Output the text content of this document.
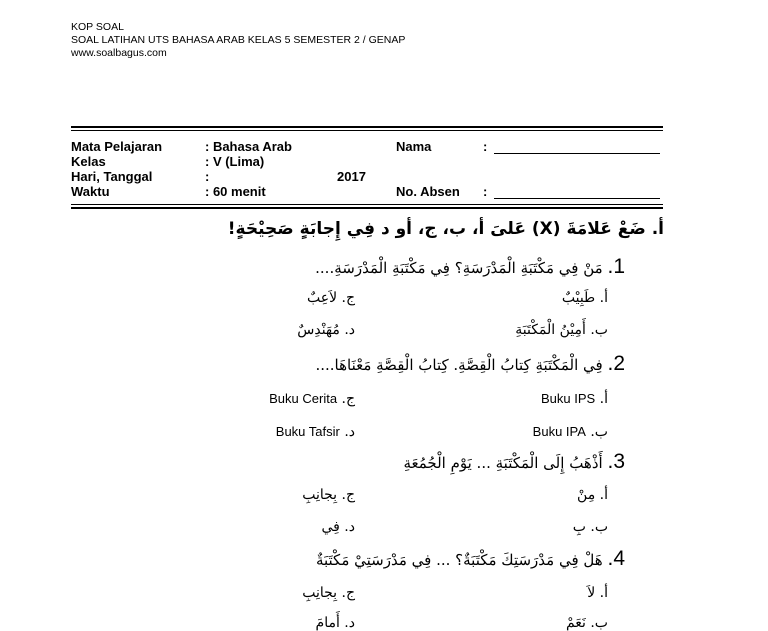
KOP SOAL
SOAL LATIHAN UTS BAHASA ARAB KELAS 5 SEMESTER 2 / GENAP
www.soalbagus.com
Mata Pelajaran	: Bahasa Arab	Nama	:
Kelas	: V (Lima)
Hari, Tanggal	:	2017
Waktu	: 60 menit	No. Absen :
أ. ضَعْ عَلامَةَ (X) عَلىَ أ، ب، ج، أو د فِي إِجابَةٍ صَحِيْحَةٍ!
1. مَنْ فِي مَكْتَبَةِ الْمَدْرَسَةِ؟ فِي مَكْتَبَةِ الْمَدْرَسَةِ....
أ. طَبِيْبٌ
ج. لاَعِبٌ
ب. أَمِيْنُ الْمَكْتَبَةِ
د. مُهَنْدِسٌ
2. فِي الْمَكْتَبَةِ كِتابُ الْقِصَّةِ. كِتابُ الْقِصَّةِ مَعْنَاهَا....
أ. Buku IPS
ج. Buku Cerita
ب. Buku IPA
د. Buku Tafsir
3. أَذْهَبُ إِلَى الْمَكْتَبَةِ ... يَوْمِ الْجُمُعَةِ
أ. مِنْ
ج. بِجانِبِ
ب. بِ
د. فِي
4. هَلْ فِي مَدْرَسَتِكَ مَكْتَبَةٌ؟ ... فِي مَدْرَسَتِيْ مَكْتَبَةٌ
أ. لاَ
ج. بِجانِبِ
ب. نَعَمْ
د. أَمامَ
